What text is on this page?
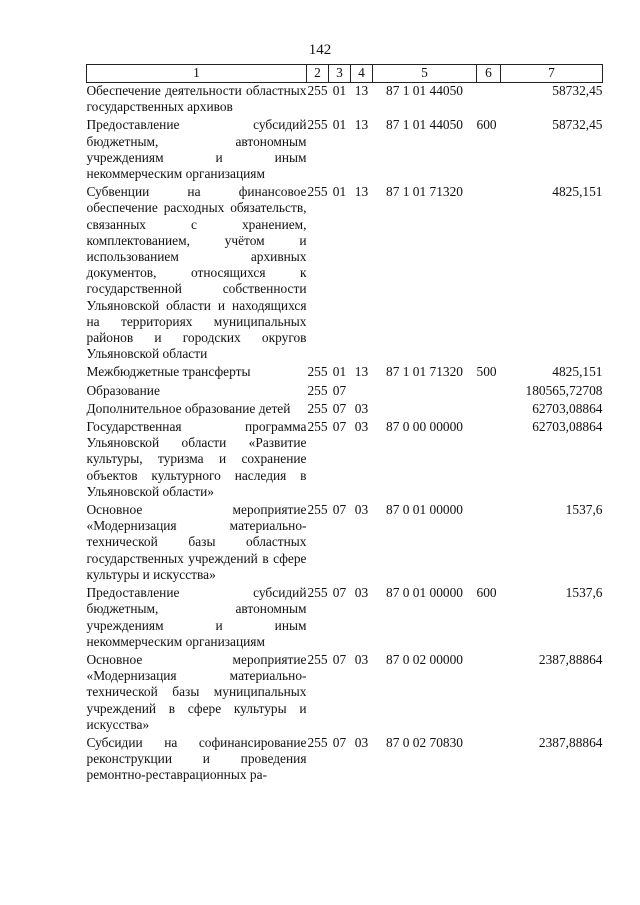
142
1	2	3	4	5	6	7
Обеспечение деятельности областных государственных архивов	255	01	13	87 1 01 44050		58732,45
Предоставление субсидий бюджетным, автономным учреждениям и иным некоммерческим организациям	255	01	13	87 1 01 44050	600	58732,45
Субвенции на финансовое обеспечение расходных обязательств, связанных с хранением, комплектованием, учётом и использованием архивных документов, относящихся к государственной собственности Ульяновской области и находящихся на территориях муниципальных районов и городских округов Ульяновской области	255	01	13	87 1 01 71320		4825,151
Межбюджетные трансферты	255	01	13	87 1 01 71320	500	4825,151
Образование	255	07				180565,72708
Дополнительное образование детей	255	07	03			62703,08864
Государственная программа Ульяновской области «Развитие культуры, туризма и сохранение объектов культурного наследия в Ульяновской области»	255	07	03	87 0 00 00000		62703,08864
Основное мероприятие «Модернизация материально-технической базы областных государственных учреждений в сфере культуры и искусства»	255	07	03	87 0 01 00000		1537,6
Предоставление субсидий бюджетным, автономным учреждениям и иным некоммерческим организациям	255	07	03	87 0 01 00000	600	1537,6
Основное мероприятие «Модернизация материально-технической базы муниципальных учреждений в сфере культуры и искусства»	255	07	03	87 0 02 00000		2387,88864
Субсидии на софинансирование реконструкции и проведения ремонтно-реставрационных ра-	255	07	03	87 0 02 70830		2387,88864
